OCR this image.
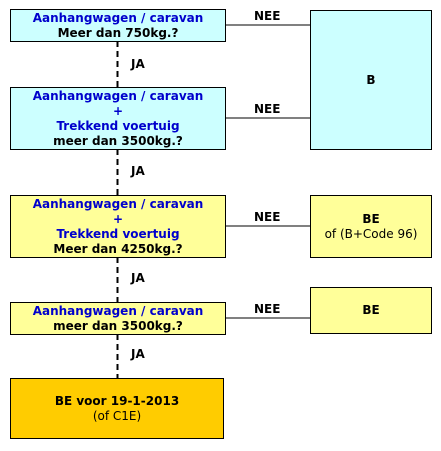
Aanhangwagen / caravan
Meer dan 750kg.?
Aanhangwagen / caravan
+
Trekkend voertuig
meer dan 3500kg.?
Aanhangwagen / caravan
+
Trekkend voertuig
Meer dan 4250kg.?
Aanhangwagen / caravan
meer dan 3500kg.?
B
BE
of (B+Code 96)
BE
BE voor 19-1-2013
(of C1E)
NEE
NEE
NEE
NEE
JA
JA
JA
JA
